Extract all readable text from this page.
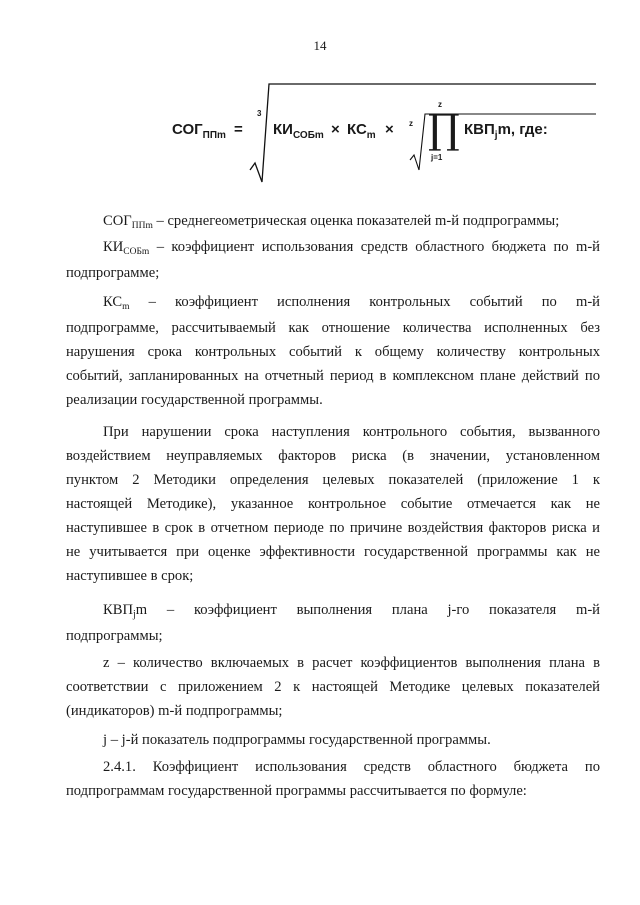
14
$СОГ_{ППm}$ =
3
$КИ_{СОБm} \times КС_m \times z$
z
∏
j=1
$КВП_jm$, где:

$СОГ_{ППm}$ – среднегеометрическая оценка показателей m-й подпрограммы;

$КИ_{СОБm}$ – коэффициент использования средств областного бюджета по m-й
подпрограмме;
$КС_m$ – коэффициент исполнения контрольных событий по m-й
подпрограмме, рассчитываемый как отношение количества исполненных без
нарушения срока контрольных событий к общему количеству контрольных
событий, запланированных на отчетный период в комплексном плане действий по
реализации государственной программы.
При нарушении срока наступления контрольного события, вызванного
воздействием неуправляемых факторов риска (в значении, установленном
пунктом 2 Методики определения целевых показателей (приложение 1 к
настоящей Методике), указанное контрольное событие отмечается как не
наступившее в срок в отчетном периоде по причине воздействия факторов риска и
не учитывается при оценке эффективности государственной программы как не
наступившее в срок;
$КВП_jm$ – коэффициент выполнения плана j-го показателя m-й
подпрограммы;
z – количество включаемых в расчет коэффициентов выполнения плана в
соответствии с приложением 2 к настоящей Методике целевых показателей
(индикаторов) m-й подпрограммы;

j – j-й показатель подпрограммы государственной программы.

2.4.1. Коэффициент использования средств областного бюджета по
подпрограммам государственной программы рассчитывается по формуле:
